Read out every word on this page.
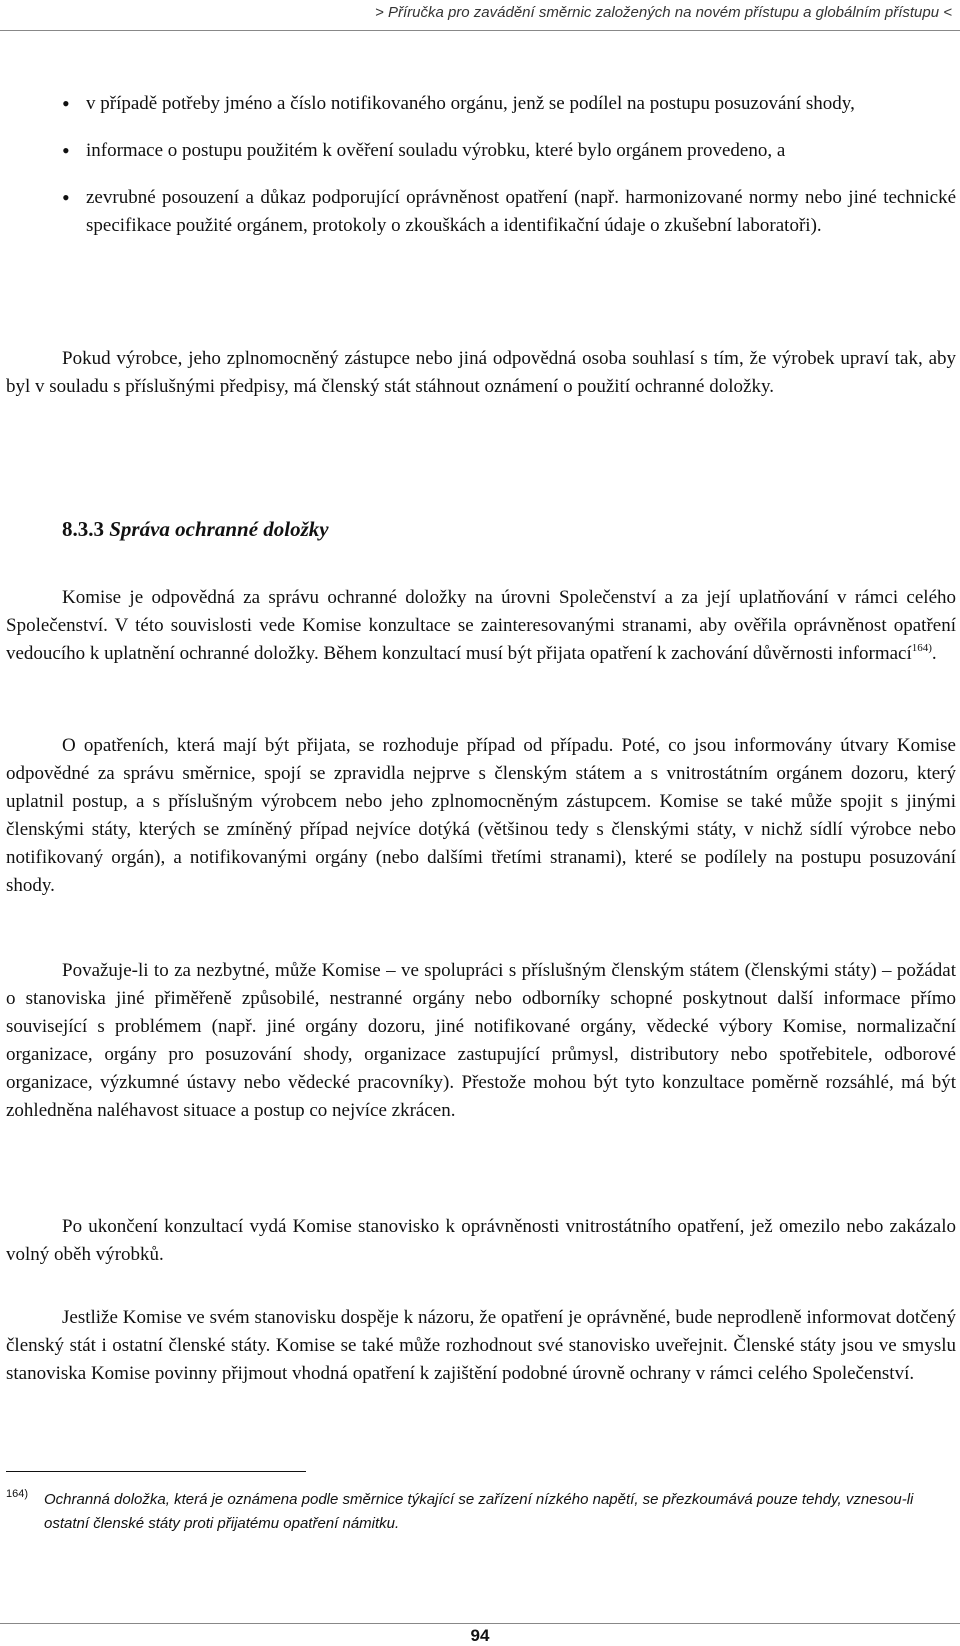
> Příručka pro zavádění směrnic založených na novém přístupu a globálním přístupu <
• v případě potřeby jméno a číslo notifikovaného orgánu, jenž se podílel na postupu posuzování shody,
• informace o postupu použitém k ověření souladu výrobku, které bylo orgánem provedeno, a
• zevrubné posouzení a důkaz podporující oprávněnost opatření (např. harmonizované normy nebo jiné technické specifikace použité orgánem, protokoly o zkouškách a identifikační údaje o zkušební laboratoři).

Pokud výrobce, jeho zplnomocněný zástupce nebo jiná odpovědná osoba souhlasí s tím, že výrobek upraví tak, aby byl v souladu s příslušnými předpisy, má členský stát stáhnout oznámení o použití ochranné doložky.

8.3.3 Správa ochranné doložky

Komise je odpovědná za správu ochranné doložky na úrovni Společenství a za její uplatňování v rámci celého Společenství. V této souvislosti vede Komise konzultace se zainteresovanými stranami, aby ověřila oprávněnost opatření vedoucího k uplatnění ochranné doložky. Během konzultací musí být přijata opatření k zachování důvěrnosti informací$^{164)}$.

O opatřeních, která mají být přijata, se rozhoduje případ od případu. Poté, co jsou informovány útvary Komise odpovědné za správu směrnice, spojí se zpravidla nejprve s členským státem a s vnitrostátním orgánem dozoru, který uplatnil postup, a s příslušným výrobcem nebo jeho zplnomocněným zástupcem. Komise se také může spojit s jinými členskými státy, kterých se zmíněný případ nejvíce dotýká (většinou tedy s členskými státy, v nichž sídlí výrobce nebo notifikovaný orgán), a notifikovanými orgány (nebo dalšími třetími stranami), které se podílely na postupu posuzování shody.

Považuje-li to za nezbytné, může Komise – ve spolupráci s příslušným členským státem (členskými státy) – požádat o stanoviska jiné přiměřeně způsobilé, nestranné orgány nebo odborníky schopné poskytnout další informace přímo související s problémem (např. jiné orgány dozoru, jiné notifikované orgány, vědecké výbory Komise, normalizační organizace, orgány pro posuzování shody, organizace zastupující průmysl, distributory nebo spotřebitele, odborové organizace, výzkumné ústavy nebo vědecké pracovníky). Přestože mohou být tyto konzultace poměrně rozsáhlé, má být zohledněna naléhavost situace a postup co nejvíce zkrácen.

Po ukončení konzultací vydá Komise stanovisko k oprávněnosti vnitrostátního opatření, jež omezilo nebo zakázalo volný oběh výrobků.

Jestliže Komise ve svém stanovisku dospěje k názoru, že opatření je oprávněné, bude neprodleně informovat dotčený členský stát i ostatní členské státy. Komise se také může rozhodnout své stanovisko uveřejnit. Členské státy jsou ve smyslu stanoviska Komise povinny přijmout vhodná opatření k zajištění podobné úrovně ochrany v rámci celého Společenství.

164) Ochranná doložka, která je oznámena podle směrnice týkající se zařízení nízkého napětí, se přezkoumává pouze tehdy, vznesou-li ostatní členské státy proti přijatému opatření námitku.
94
